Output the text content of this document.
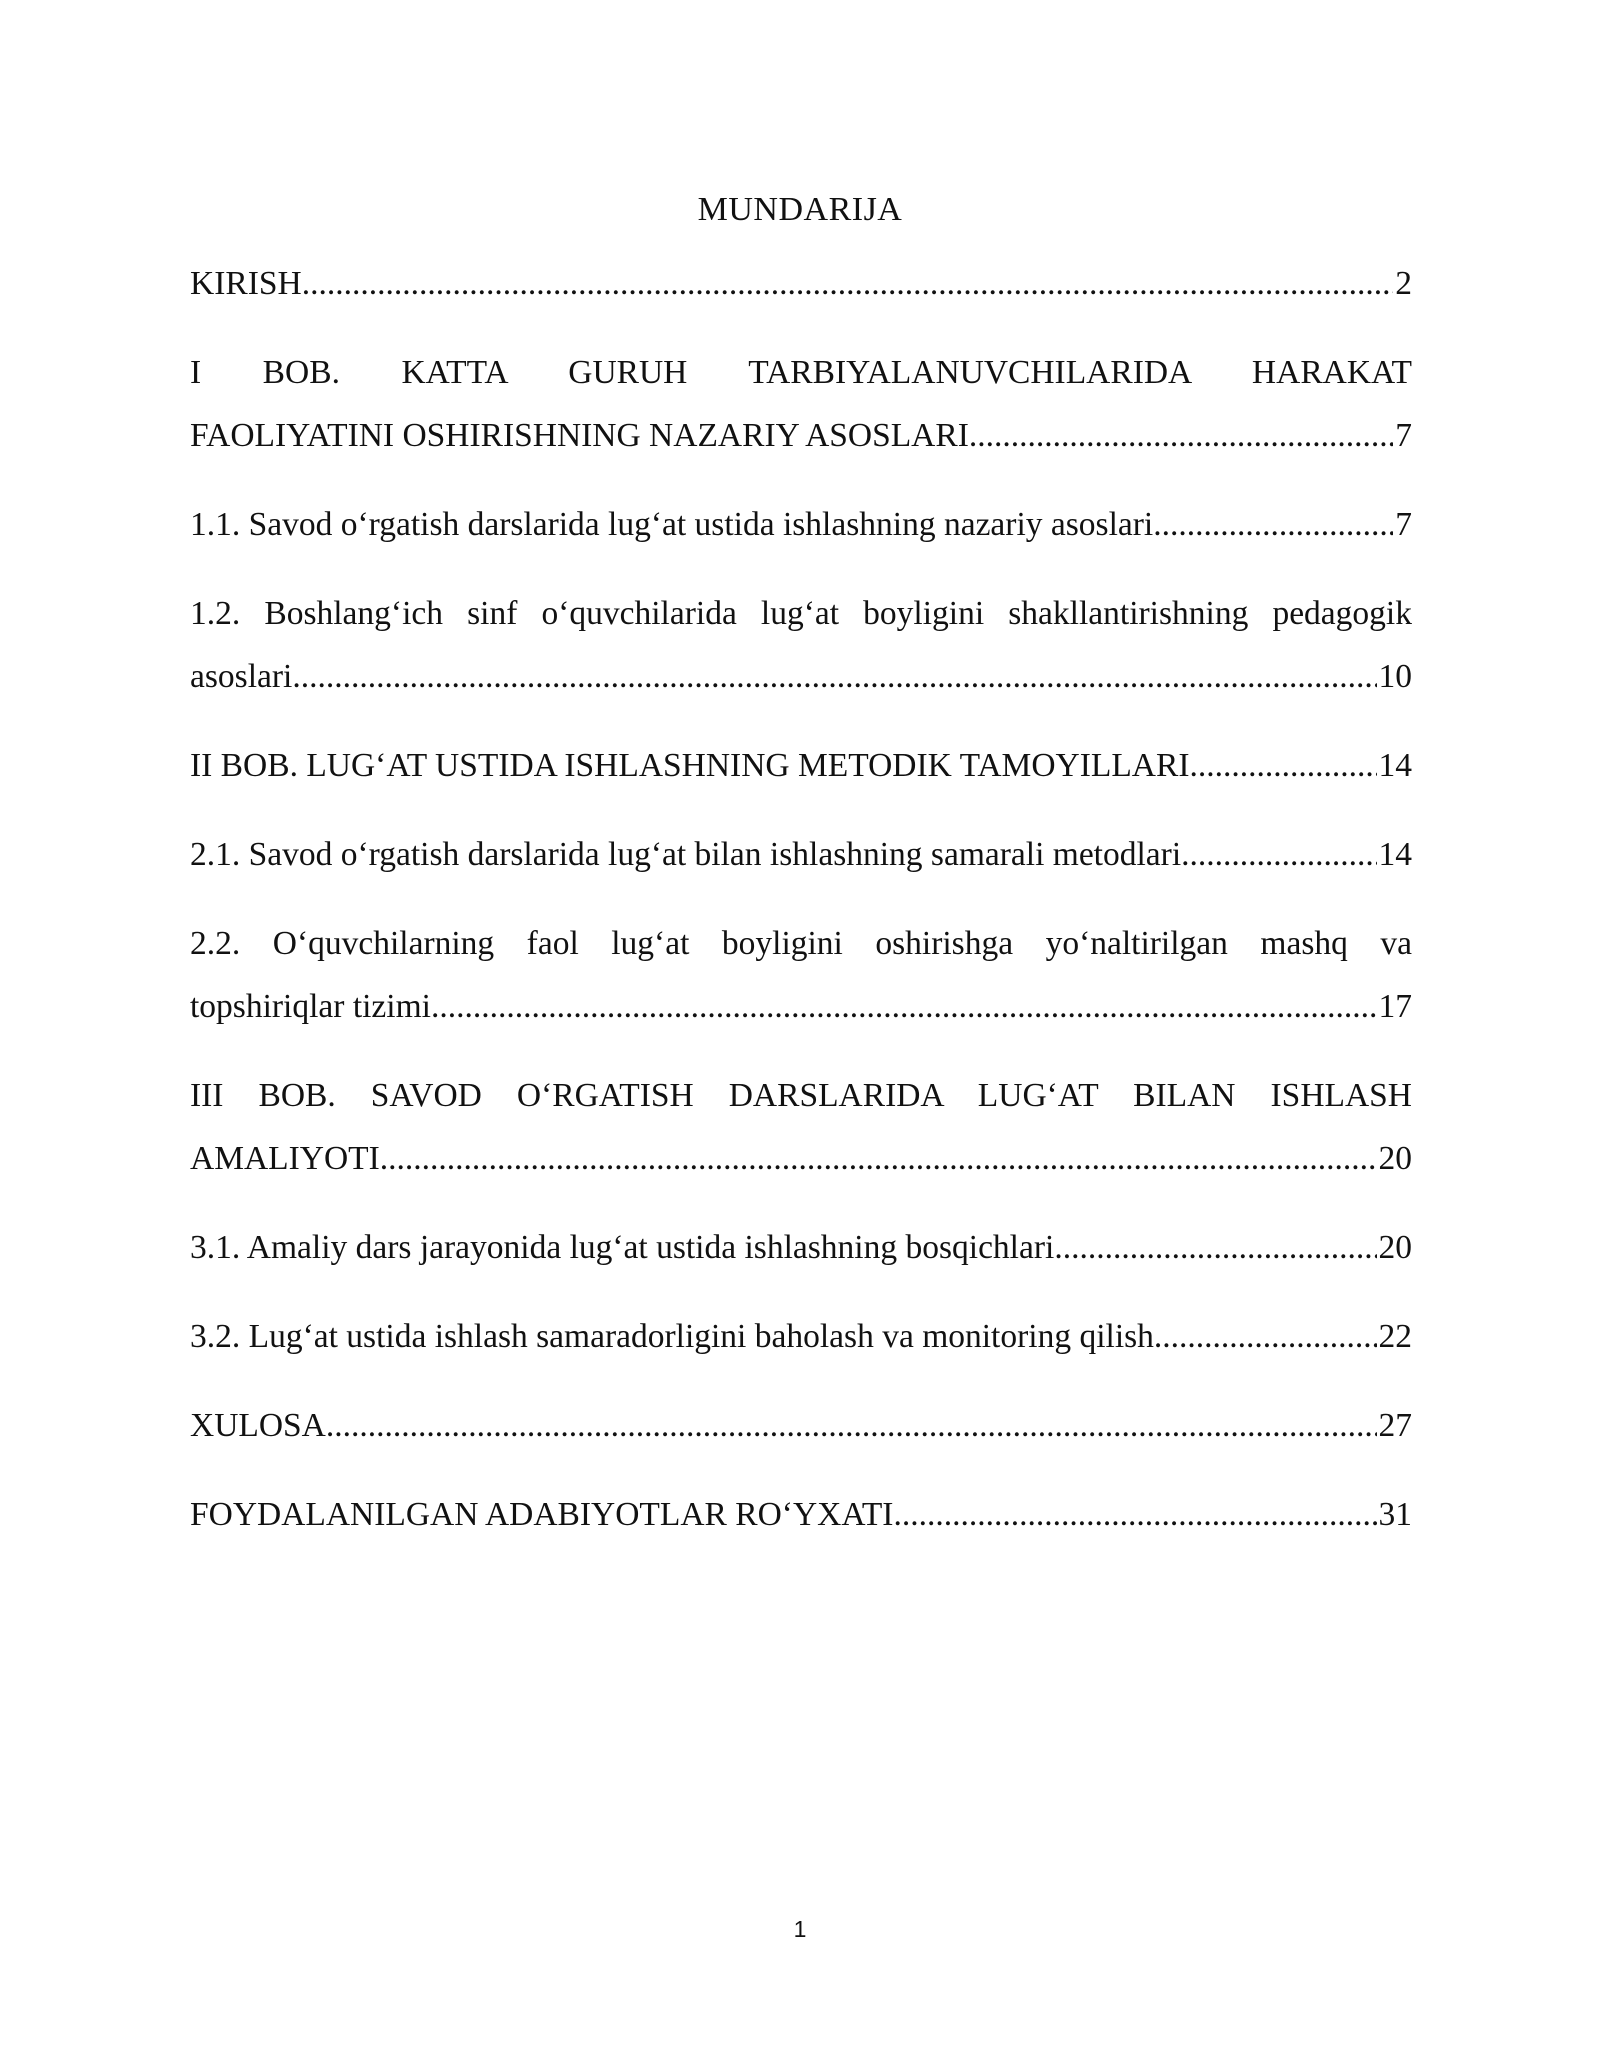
MUNDARIJA
KIRISH .....	2
I BOB. KATTA GURUH TARBIYALANUVCHILARIDA HARAKAT
FAOLIYATINI OSHIRISHNING NAZARIY ASOSLARI .....	7
1.1. Savod o‘rgatish darslarida lug‘at ustida ishlashning nazariy asoslari .....	7
1.2. Boshlang‘ich sinf o‘quvchilarida lug‘at boyligini shakllantirishning pedagogik
asoslari .....	10
II BOB. LUG‘AT USTIDA ISHLASHNING METODIK TAMOYILLARI .....	14
2.1. Savod o‘rgatish darslarida lug‘at bilan ishlashning samarali metodlari .....	14
2.2. O‘quvchilarning faol lug‘at boyligini oshirishga yo‘naltirilgan mashq va
topshiriqlar tizimi .....	17
III BOB. SAVOD O‘RGATISH DARSLARIDA LUG‘AT BILAN ISHLASH
AMALIYOTI .....	20
3.1. Amaliy dars jarayonida lug‘at ustida ishlashning bosqichlari .....	20
3.2. Lug‘at ustida ishlash samaradorligini baholash va monitoring qilish .....	22
XULOSA .....	27
FOYDALANILGAN ADABIYOTLAR RO‘YXATI .....	31
1
